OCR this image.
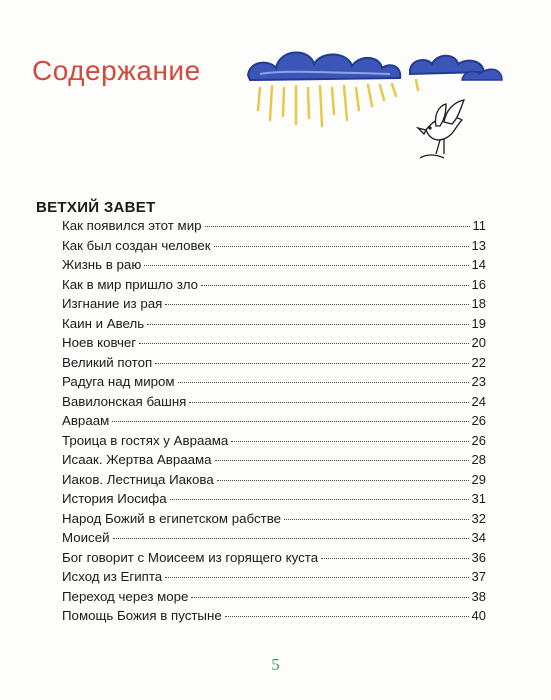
Содержание
ВЕТХИЙ ЗАВЕТ
Как появился этот мир	11
Как был создан человек	13
Жизнь в раю	14
Как в мир пришло зло	16
Изгнание из рая	18
Каин и Авель	19
Ноев ковчег	20
Великий потоп	22
Радуга над миром	23
Вавилонская башня	24
Авраам	26
Троица в гостях у Авраама	26
Исаак. Жертва Авраама	28
Иаков. Лестница Иакова	29
История Иосифа	31
Народ Божий в египетском рабстве	32
Моисей	34
Бог говорит с Моисеем из горящего куста	36
Исход из Египта	37
Переход через море	38
Помощь Божия в пустыне	40
5
